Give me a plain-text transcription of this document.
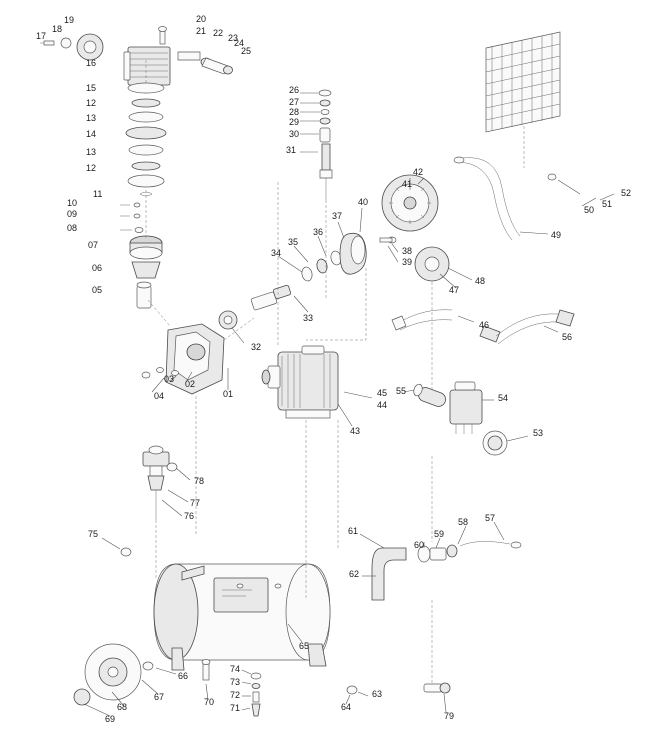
17
18
19
16
15
12
13
14
13
12
11
10
09
08
07
06
05
20
21 22 23
24
25
26
27
28
29
30
31
32
33
34
35
36
37
38
39
40
41
42
43
44
45
46
47
48
49
50
51
52
53
54
55
56
57
58
59
60
61
62
63
64
65
66
67
68
69
70
71
72
73
74
75
76
77
78
79
01
02
03
04
